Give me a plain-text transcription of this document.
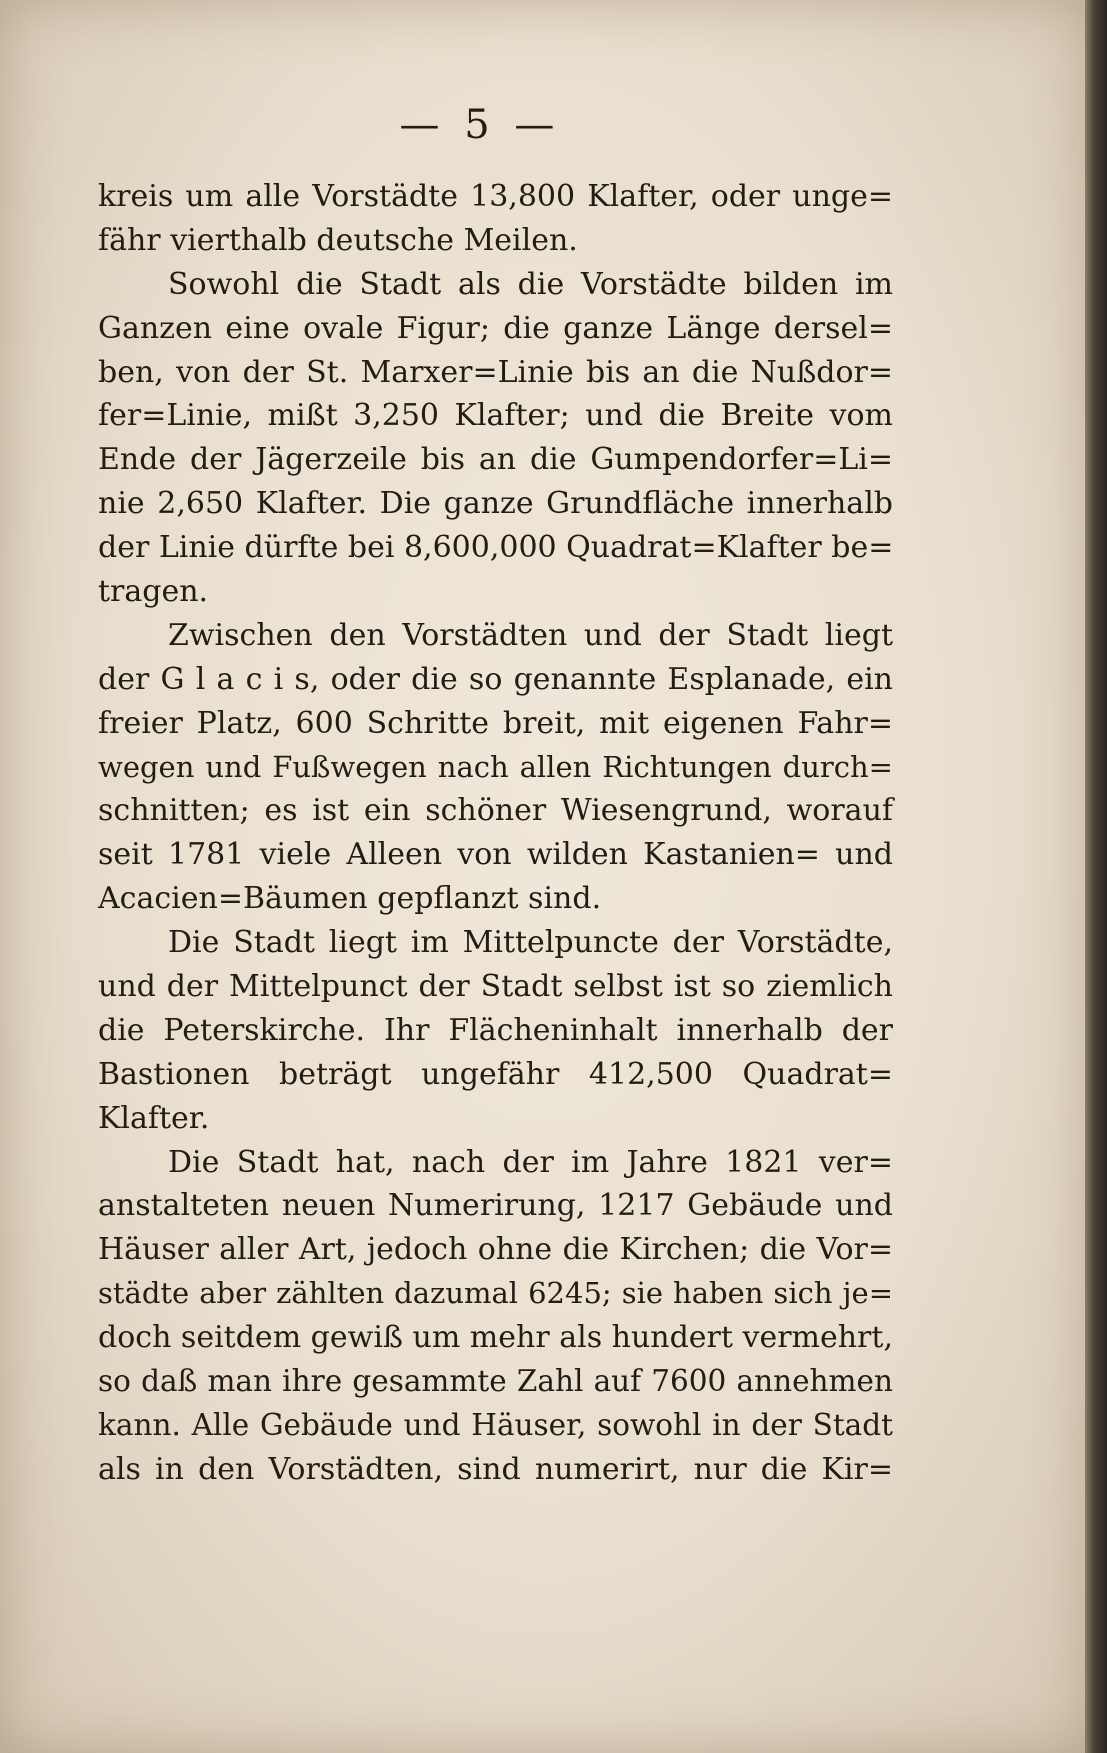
— 5 —
kreis um alle Vorstädte 13,800 Klafter, oder unge=
fähr vierthalb deutsche Meilen.
Sowohl die Stadt als die Vorstädte bilden im
Ganzen eine ovale Figur; die ganze Länge dersel=
ben, von der St. Marxer=Linie bis an die Nußdor=
fer=Linie, mißt 3,250 Klafter; und die Breite vom
Ende der Jägerzeile bis an die Gumpendorfer=Li=
nie 2,650 Klafter. Die ganze Grundfläche innerhalb
der Linie dürfte bei 8,600,000 Quadrat=Klafter be=
tragen.
Zwischen den Vorstädten und der Stadt liegt
der G l a c i s, oder die so genannte Esplanade, ein
freier Platz, 600 Schritte breit, mit eigenen Fahr=
wegen und Fußwegen nach allen Richtungen durch=
schnitten; es ist ein schöner Wiesengrund, worauf
seit 1781 viele Alleen von wilden Kastanien= und
Acacien=Bäumen gepflanzt sind.
Die Stadt liegt im Mittelpuncte der Vorstädte,
und der Mittelpunct der Stadt selbst ist so ziemlich
die Peterskirche. Ihr Flächeninhalt innerhalb der
Bastionen beträgt ungefähr 412,500 Quadrat=
Klafter.
Die Stadt hat, nach der im Jahre 1821 ver=
anstalteten neuen Numerirung, 1217 Gebäude und
Häuser aller Art, jedoch ohne die Kirchen; die Vor=
städte aber zählten dazumal 6245; sie haben sich je=
doch seitdem gewiß um mehr als hundert vermehrt,
so daß man ihre gesammte Zahl auf 7600 annehmen
kann. Alle Gebäude und Häuser, sowohl in der Stadt
als in den Vorstädten, sind numerirt, nur die Kir=
